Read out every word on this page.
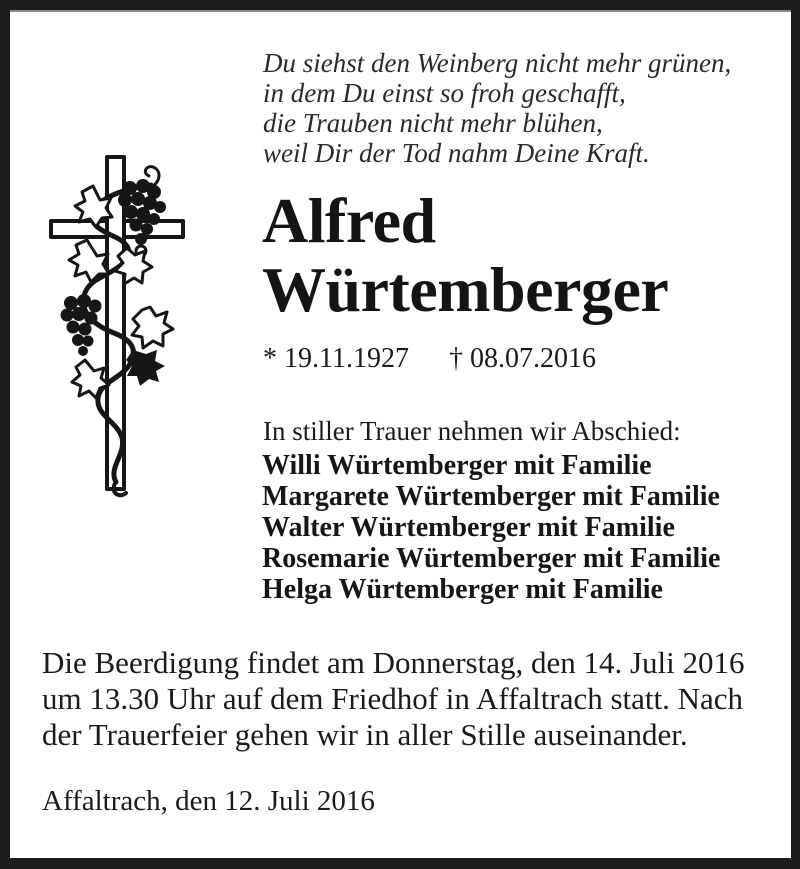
Du siehst den Weinberg nicht mehr grünen,
in dem Du einst so froh geschafft,
die Trauben nicht mehr blühen,
weil Dir der Tod nahm Deine Kraft.
Alfred
Würtemberger
* 19.11.1927 † 08.07.2016
In stiller Trauer nehmen wir Abschied:
Willi Würtemberger mit Familie
Margarete Würtemberger mit Familie
Walter Würtemberger mit Familie
Rosemarie Würtemberger mit Familie
Helga Würtemberger mit Familie
Die Beerdigung findet am Donnerstag, den 14. Juli 2016
um 13.30 Uhr auf dem Friedhof in Affaltrach statt. Nach
der Trauerfeier gehen wir in aller Stille auseinander.
Affaltrach, den 12. Juli 2016
